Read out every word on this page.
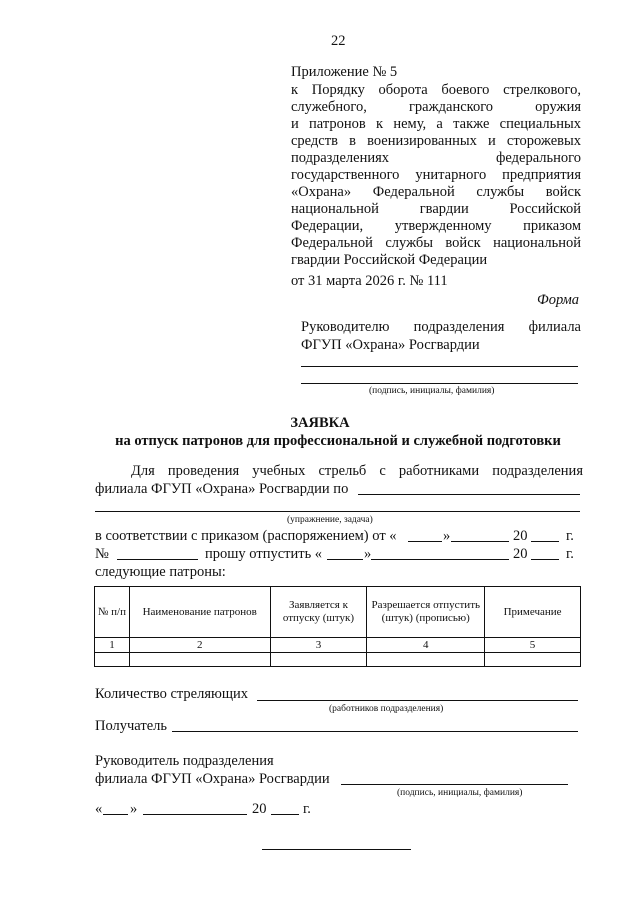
22
Приложение № 5
к Порядку оборота боевого стрелкового,
служебного, гражданского оружия
и патронов к нему, а также специальных
средств в военизированных и сторожевых
подразделениях федерального
государственного унитарного предприятия
«Охрана» Федеральной службы войск
национальной гвардии Российской
Федерации, утвержденному приказом
Федеральной службы войск национальной
гвардии Российской Федерации
от 31 марта 2026 г. № 111
Форма
Руководителю подразделения филиала
ФГУП «Охрана» Росгвардии
(подпись, инициалы, фамилия)
ЗАЯВКА
на отпуск патронов для профессиональной и служебной подготовки
Для проведения учебных стрельб с работниками подразделения
филиала ФГУП «Охрана» Росгвардии по
(упражнение, задача)
в соответствии с приказом (распоряжением) от «	»	20	г.
№	прошу отпустить «	»	20	г.
следующие патроны:
№ п/п	Наименование патронов	Заявляется к отпуску (штук)	Разрешается отпустить (штук) (прописью)	Примечание
1	2	3	4	5

Количество стреляющих
(работников подразделения)
Получатель
Руководитель подразделения
филиала ФГУП «Охрана» Росгвардии
(подпись, инициалы, фамилия)
« »	20	г.
